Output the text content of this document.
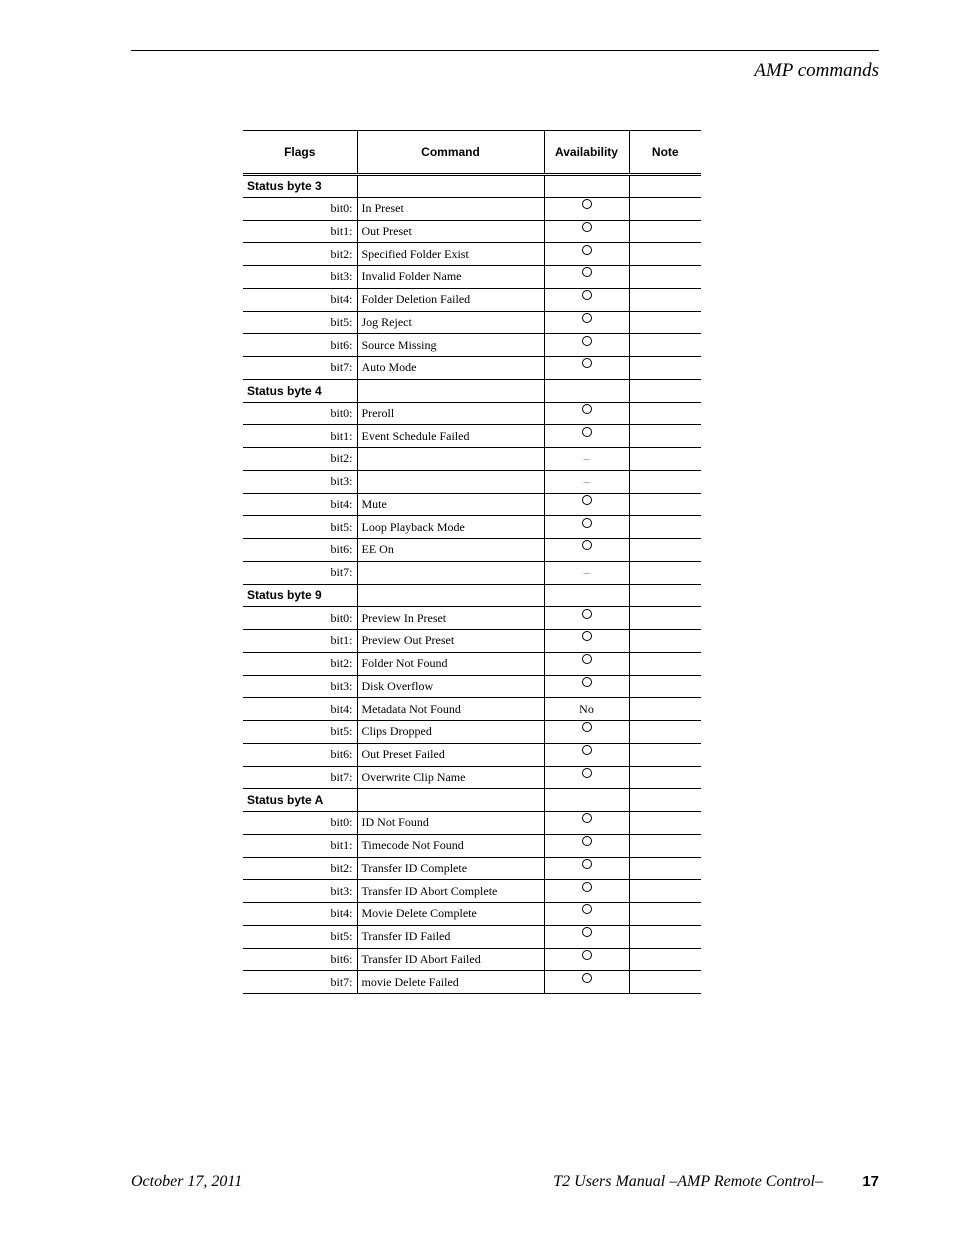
AMP commands
Flags	Command	Availability	Note
Status byte 3			
bit0:	In Preset		
bit1:	Out Preset		
bit2:	Specified Folder Exist		
bit3:	Invalid Folder Name		
bit4:	Folder Deletion Failed		
bit5:	Jog Reject		
bit6:	Source Missing		
bit7:	Auto Mode		
Status byte 4			
bit0:	Preroll		
bit1:	Event Schedule Failed		
bit2:		–	
bit3:		–	
bit4:	Mute		
bit5:	Loop Playback Mode		
bit6:	EE On		
bit7:		–	
Status byte 9			
bit0:	Preview In Preset		
bit1:	Preview Out Preset		
bit2:	Folder Not Found		
bit3:	Disk Overflow		
bit4:	Metadata Not Found	No	
bit5:	Clips Dropped		
bit6:	Out Preset Failed		
bit7:	Overwrite Clip Name		
Status byte A			
bit0:	ID Not Found		
bit1:	Timecode Not Found		
bit2:	Transfer ID Complete		
bit3:	Transfer ID Abort Complete		
bit4:	Movie Delete Complete		
bit5:	Transfer ID Failed		
bit6:	Transfer ID Abort Failed		
bit7:	movie Delete Failed		
October 17, 2011	T2 Users Manual –AMP Remote Control–	17
